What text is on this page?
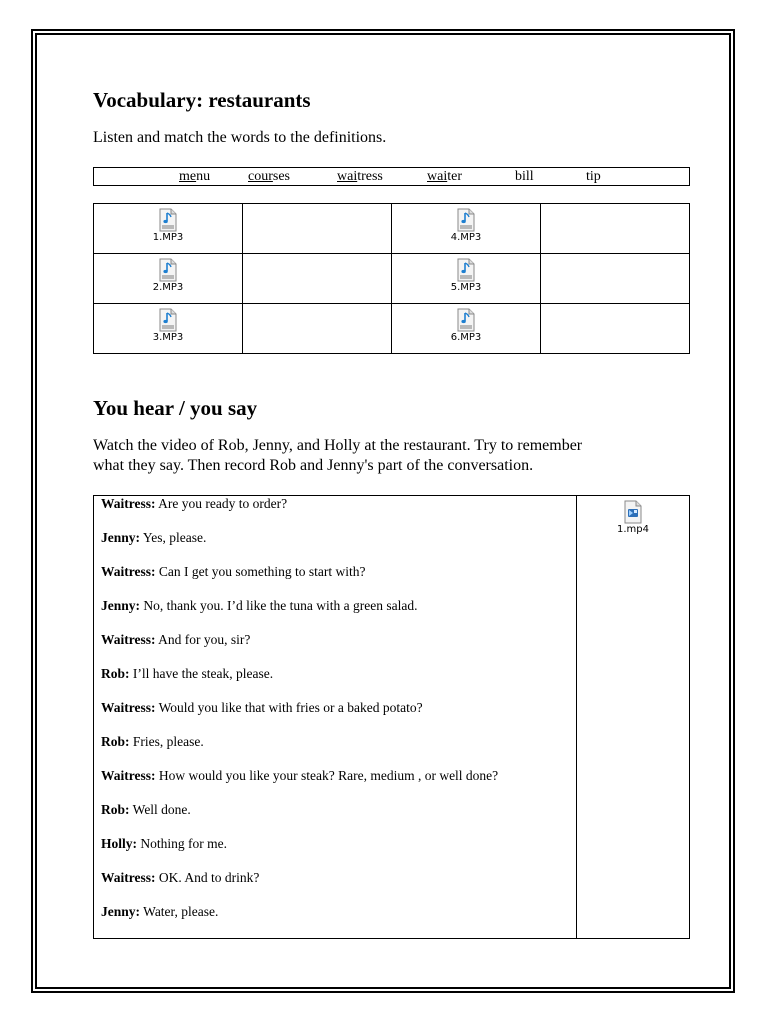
Vocabulary: restaurants
Listen and match the words to the definitions.
menu	courses	waitress	waiter	bill	tip
1.MP3		4.MP3	

2.MP3		5.MP3	

3.MP3		6.MP3	

You hear / you say
Watch the video of Rob, Jenny, and Holly at the restaurant. Try to remember
what they say. Then record Rob and Jenny's part of the conversation.
Waitress: Are you ready to order?
Jenny: Yes, please.
Waitress: Can I get you something to start with?
Jenny: No, thank you. I’d like the tuna with a green salad.
Waitress: And for you, sir?
Rob: I’ll have the steak, please.
Waitress: Would you like that with fries or a baked potato?
Rob: Fries, please.
Waitress: How would you like your steak? Rare, medium , or well done?
Rob: Well done.
Holly: Nothing for me.
Waitress: OK. And to drink?
Jenny: Water, please.

1.mp4
